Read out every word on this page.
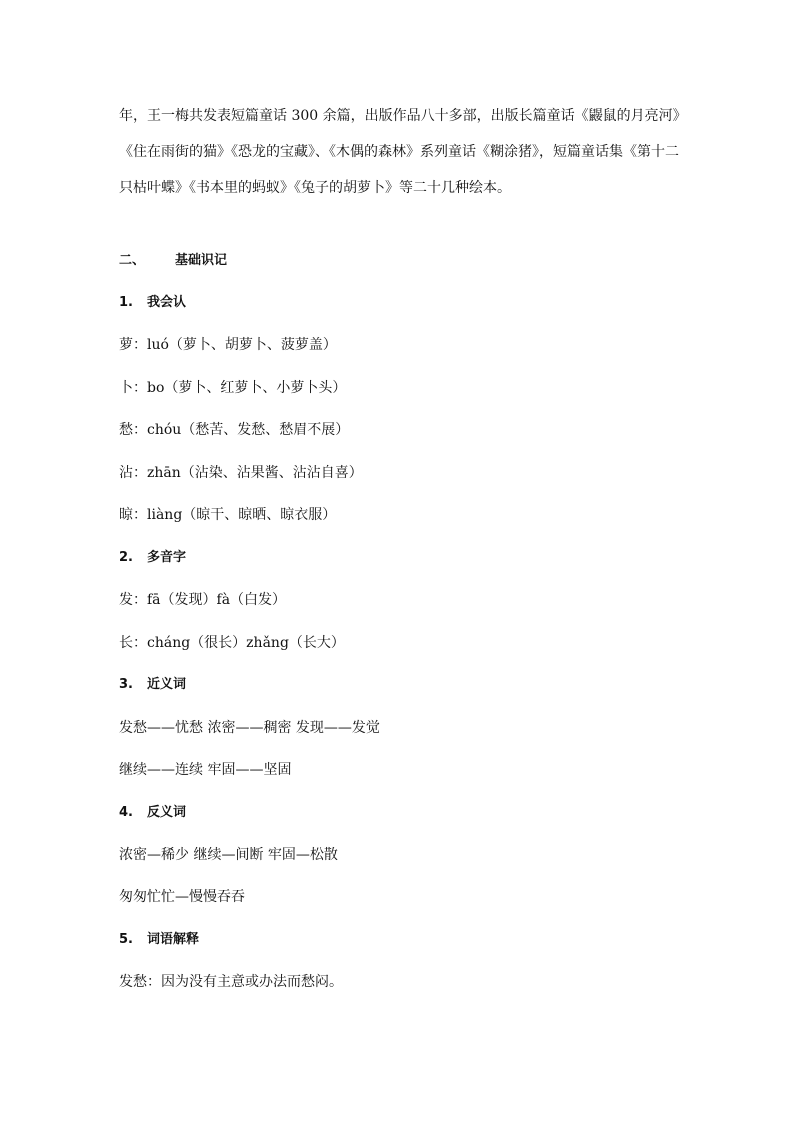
年，王一梅共发表短篇童话 300 余篇，出版作品八十多部，出版长篇童话《鼹鼠的月亮河》

《住在雨街的猫》《恐龙的宝藏》、《木偶的森林》系列童话《糊涂猪》，短篇童话集《第十二

只枯叶蝶》《书本里的蚂蚁》《兔子的胡萝卜》等二十几种绘本。

二、 基础识记
1. 我会认
萝：luó（萝卜、胡萝卜、菠萝盖）
卜：bo（萝卜、红萝卜、小萝卜头）
愁：chóu（愁苦、发愁、愁眉不展）
沾：zhān（沾染、沾果酱、沾沾自喜）
晾：liàng（晾干、晾晒、晾衣服）
2. 多音字
发：fā（发现）fà（白发）
长：cháng（很长）zhǎng（长大）
3. 近义词
发愁——忧愁 浓密——稠密 发现——发觉
继续——连续 牢固——坚固
4. 反义词
浓密—稀少 继续—间断 牢固—松散
匆匆忙忙—慢慢吞吞
5. 词语解释
发愁：因为没有主意或办法而愁闷。
